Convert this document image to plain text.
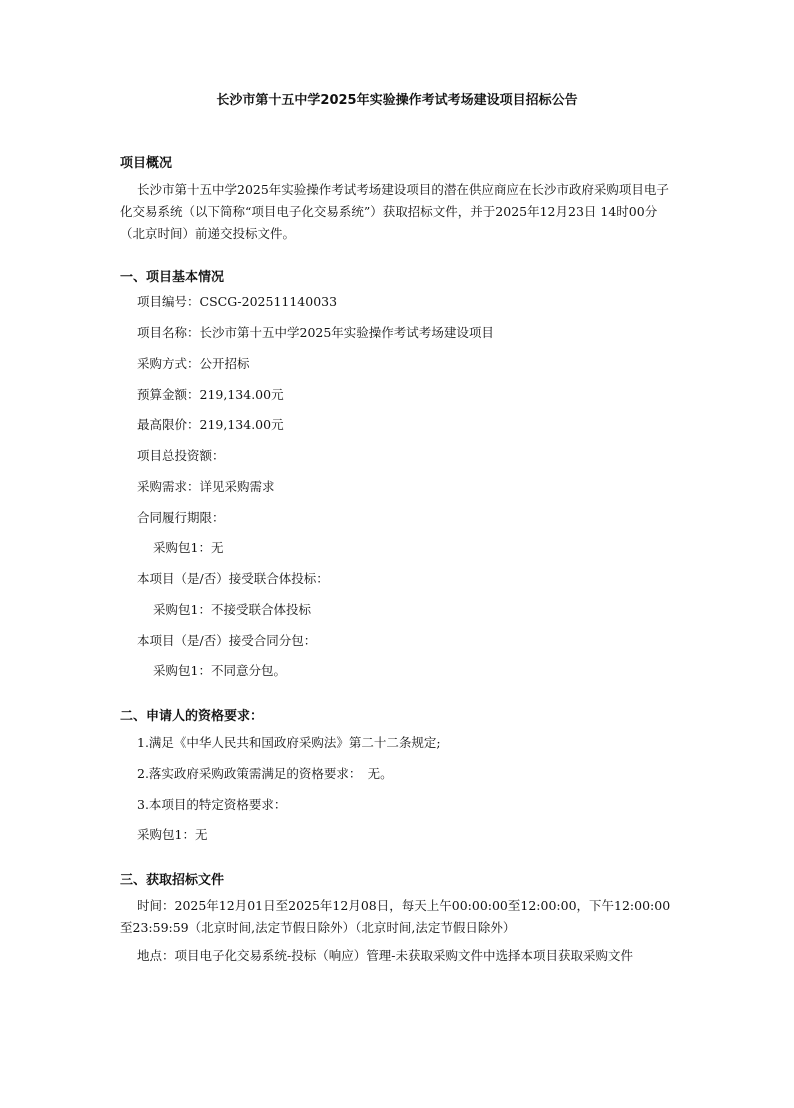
长沙市第十五中学2025年实验操作考试考场建设项目招标公告
项目概况
长沙市第十五中学2025年实验操作考试考场建设项目的潜在供应商应在长沙市政府采购项目电子化交易系统（以下简称“项目电子化交易系统”）获取招标文件，并于2025年12月23日 14时00分　（北京时间）前递交投标文件。
一、项目基本情况
项目编号：CSCG-202511140033
项目名称：长沙市第十五中学2025年实验操作考试考场建设项目
采购方式：公开招标
预算金额：219,134.00元
最高限价：219,134.00元
项目总投资额：
采购需求：详见采购需求
合同履行期限：
采购包1：无
本项目（是/否）接受联合体投标：
采购包1：不接受联合体投标
本项目（是/否）接受合同分包：
采购包1：不同意分包。
二、申请人的资格要求：
1.满足《中华人民共和国政府采购法》第二十二条规定;
2.落实政府采购政策需满足的资格要求：　无。
3.本项目的特定资格要求：
采购包1：无
三、获取招标文件
时间：2025年12月01日至2025年12月08日，每天上午00:00:00至12:00:00，下午12:00:00至23:59:59（北京时间,法定节假日除外）（北京时间,法定节假日除外）
地点：项目电子化交易系统-投标（响应）管理-未获取采购文件中选择本项目获取采购文件
